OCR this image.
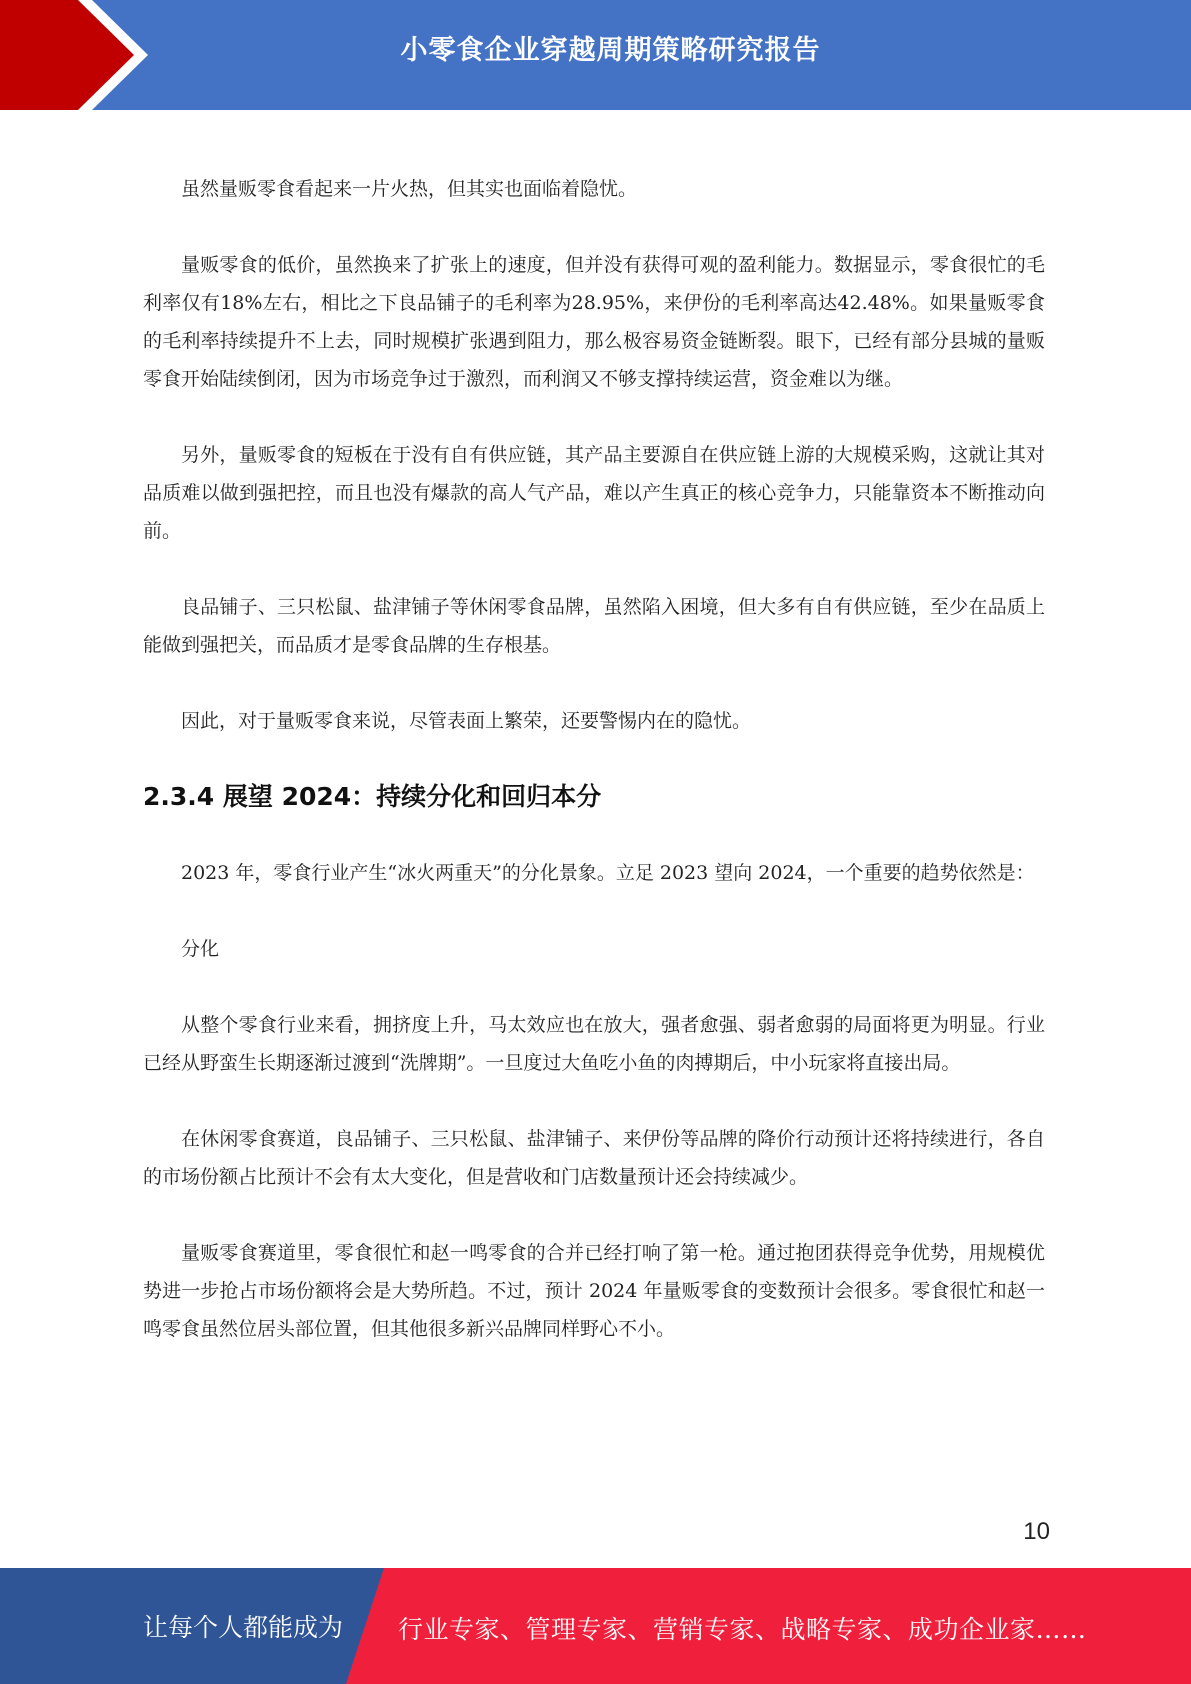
小零食企业穿越周期策略研究报告

虽然量贩零食看起来一片火热，但其实也面临着隐忧。

量贩零食的低价，虽然换来了扩张上的速度，但并没有获得可观的盈利能力。数据显示，零食很忙的毛利率仅有18%左右，相比之下良品铺子的毛利率为28.95%，来伊份的毛利率高达42.48%。如果量贩零食的毛利率持续提升不上去，同时规模扩张遇到阻力，那么极容易资金链断裂。眼下，已经有部分县城的量贩零食开始陆续倒闭，因为市场竞争过于激烈，而利润又不够支撑持续运营，资金难以为继。

另外，量贩零食的短板在于没有自有供应链，其产品主要源自在供应链上游的大规模采购，这就让其对品质难以做到强把控，而且也没有爆款的高人气产品，难以产生真正的核心竞争力，只能靠资本不断推动向前。

良品铺子、三只松鼠、盐津铺子等休闲零食品牌，虽然陷入困境，但大多有自有供应链，至少在品质上能做到强把关，而品质才是零食品牌的生存根基。

因此，对于量贩零食来说，尽管表面上繁荣，还要警惕内在的隐忧。

2.3.4 展望 2024：持续分化和回归本分

2023 年，零食行业产生“冰火两重天”的分化景象。立足 2023 望向 2024，一个重要的趋势依然是：

分化

从整个零食行业来看，拥挤度上升，马太效应也在放大，强者愈强、弱者愈弱的局面将更为明显。行业已经从野蛮生长期逐渐过渡到“洗牌期”。一旦度过大鱼吃小鱼的肉搏期后，中小玩家将直接出局。

在休闲零食赛道，良品铺子、三只松鼠、盐津铺子、来伊份等品牌的降价行动预计还将持续进行，各自的市场份额占比预计不会有太大变化，但是营收和门店数量预计还会持续减少。

量贩零食赛道里，零食很忙和赵一鸣零食的合并已经打响了第一枪。通过抱团获得竞争优势，用规模优势进一步抢占市场份额将会是大势所趋。不过，预计 2024 年量贩零食的变数预计会很多。零食很忙和赵一鸣零食虽然位居头部位置，但其他很多新兴品牌同样野心不小。

10
让每个人都能成为 行业专家、管理专家、营销专家、战略专家、成功企业家……
